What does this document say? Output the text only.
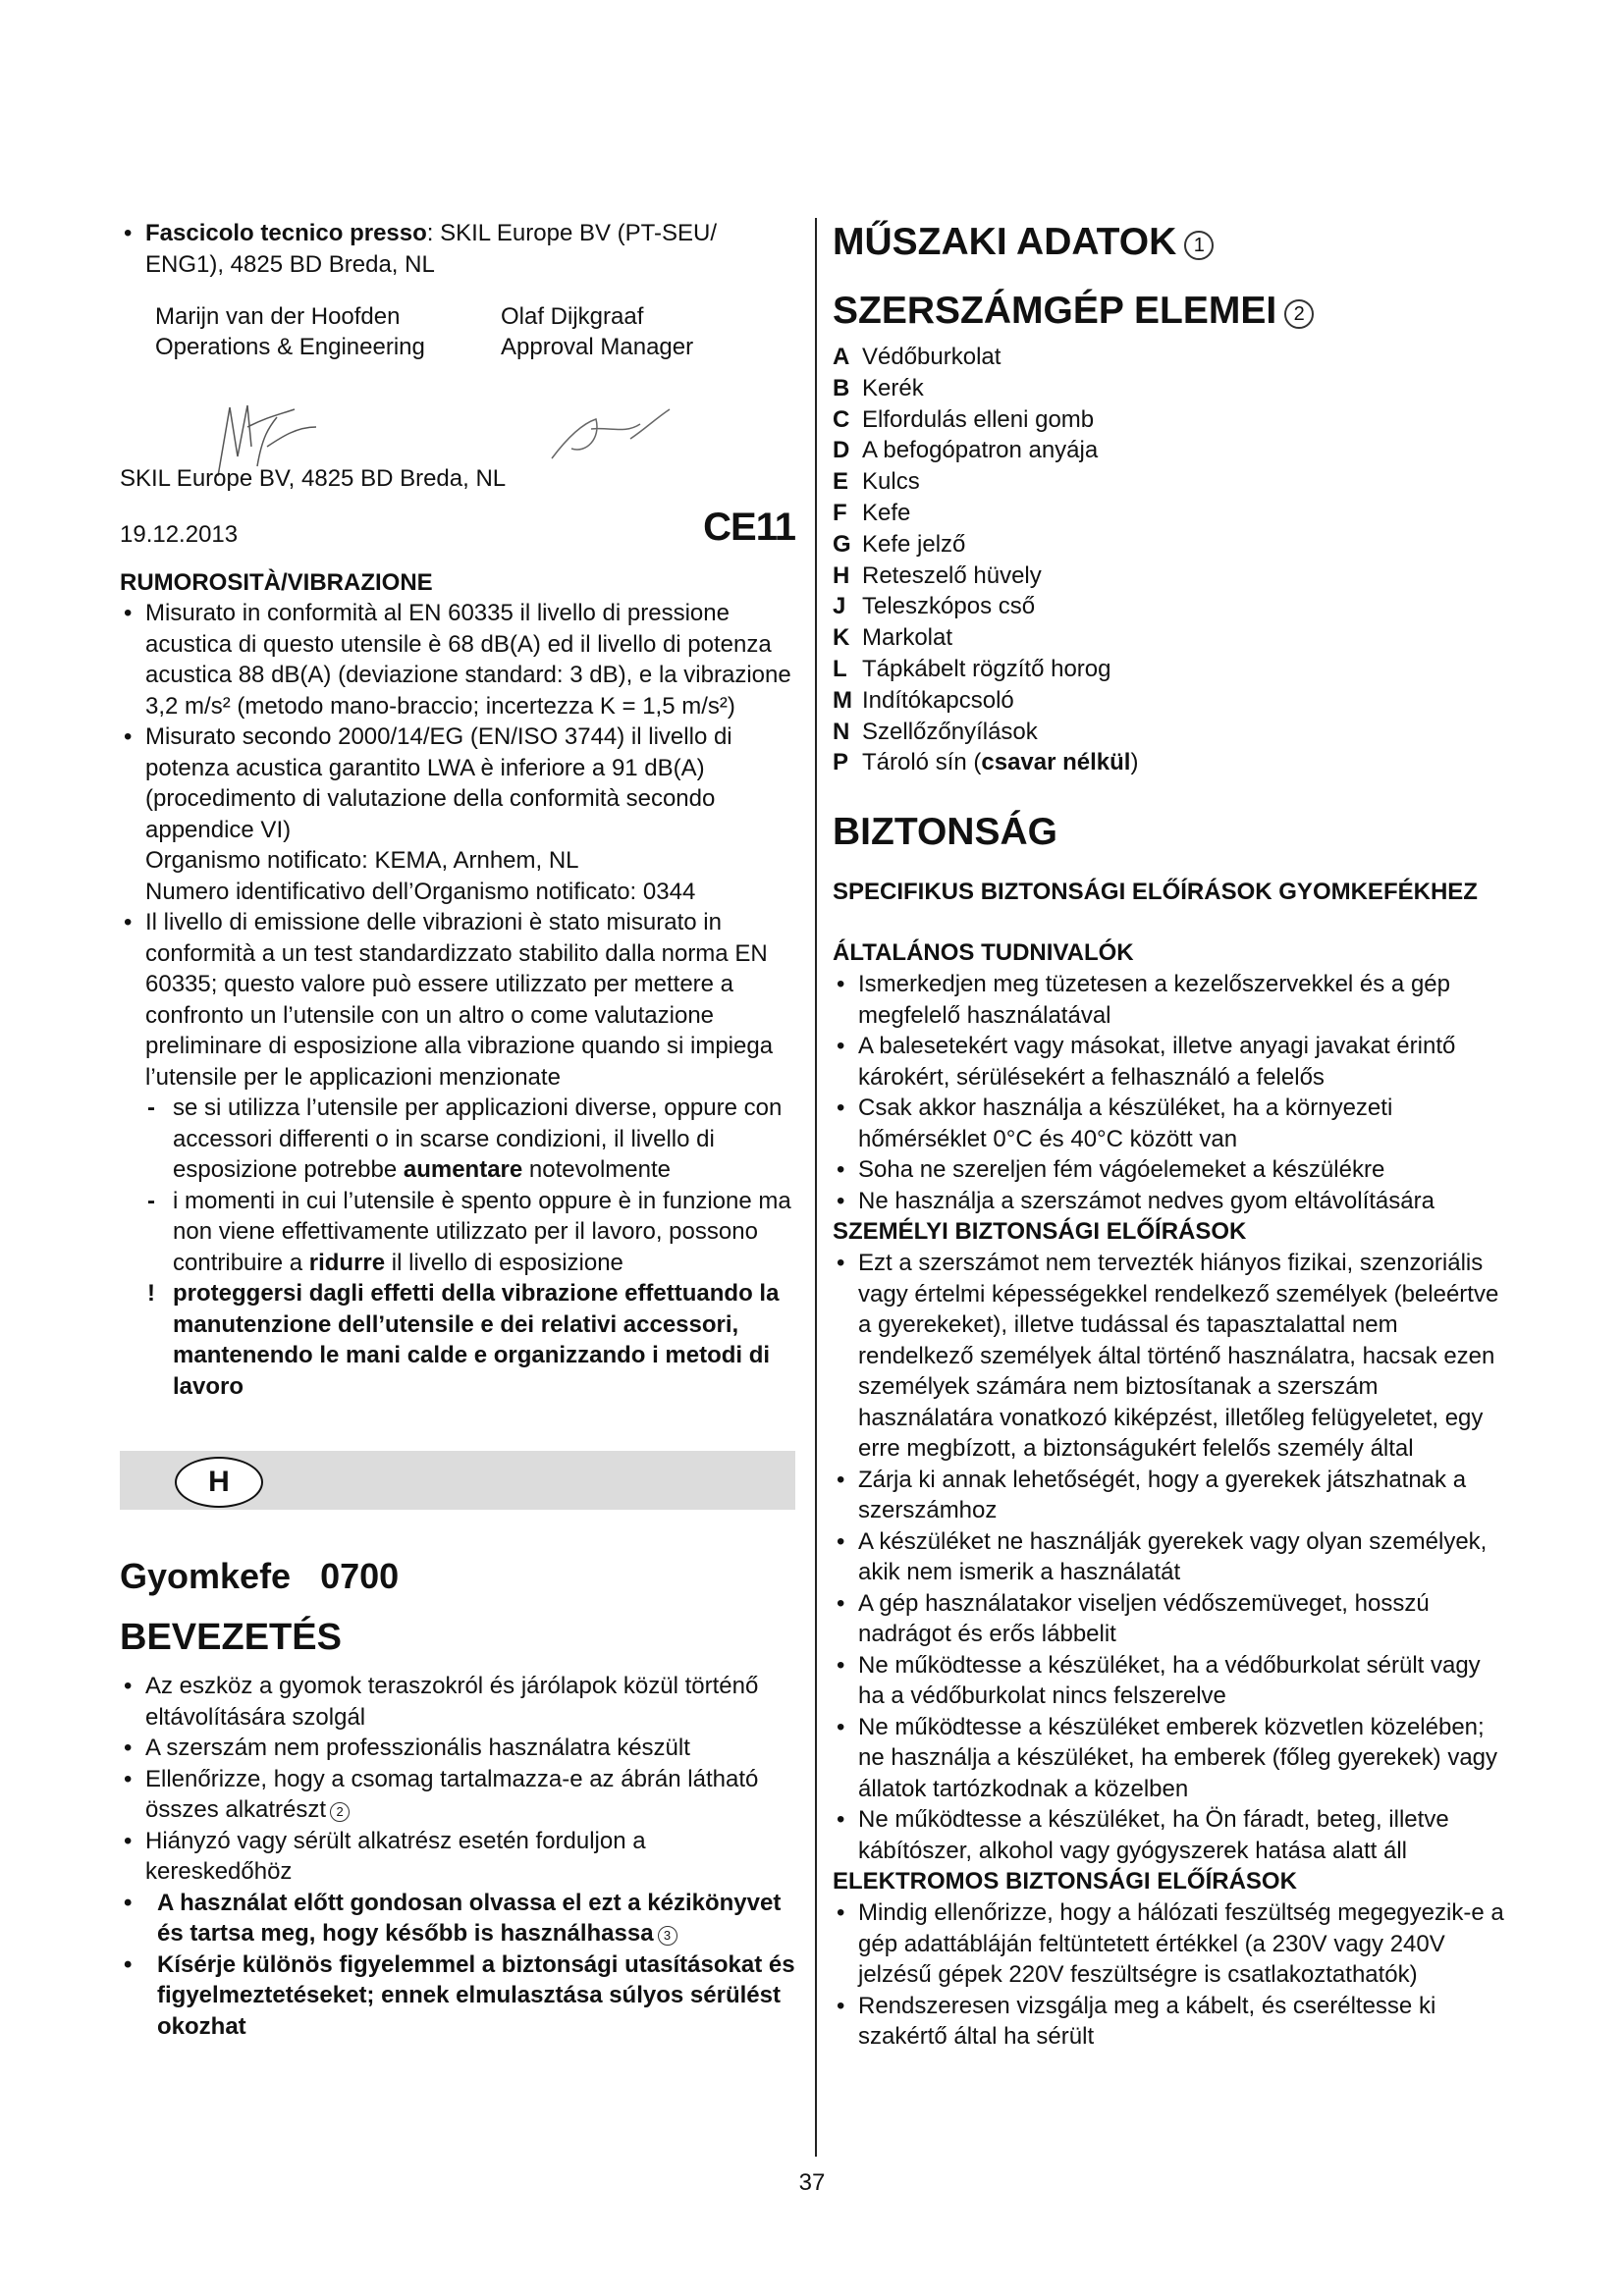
• Fascicolo tecnico presso: SKIL Europe BV (PT-SEU/ ENG1), 4825 BD Breda, NL
Marijn van der Hoofden
Operations & Engineering
Olaf Dijkgraaf
Approval Manager
SKIL Europe BV, 4825 BD Breda, NL
19.12.2013	CE11
RUMOROSITÀ/VIBRAZIONE
• Misurato in conformità al EN 60335 il livello di pressione acustica di questo utensile è 68 dB(A) ed il livello di potenza acustica 88 dB(A) (deviazione standard: 3 dB), e la vibrazione 3,2 m/s² (metodo mano-braccio; incertezza K = 1,5 m/s²)
• Misurato secondo 2000/14/EG (EN/ISO 3744) il livello di potenza acustica garantito LWA è inferiore a 91 dB(A) (procedimento di valutazione della conformità secondo appendice VI)
Organismo notificato: KEMA, Arnhem, NL
Numero identificativo dell’Organismo notificato: 0344
• Il livello di emissione delle vibrazioni è stato misurato in conformità a un test standardizzato stabilito dalla norma EN 60335; questo valore può essere utilizzato per mettere a confronto un l’utensile con un altro o come valutazione preliminare di esposizione alla vibrazione quando si impiega l’utensile per le applicazioni menzionate
- se si utilizza l’utensile per applicazioni diverse, oppure con accessori differenti o in scarse condizioni, il livello di esposizione potrebbe aumentare notevolmente
- i momenti in cui l’utensile è spento oppure è in funzione ma non viene effettivamente utilizzato per il lavoro, possono contribuire a ridurre il livello di esposizione
! proteggersi dagli effetti della vibrazione effettuando la manutenzione dell’utensile e dei relativi accessori, mantenendo le mani calde e organizzando i metodi di lavoro
H
Gyomkefe   0700
BEVEZETÉS
• Az eszköz a gyomok teraszokról és járólapok közül történő eltávolítására szolgál
• A szerszám nem professzionális használatra készült
• Ellenőrizze, hogy a csomag tartalmazza-e az ábrán látható összes alkatrészt 2
• Hiányzó vagy sérült alkatrész esetén forduljon a kereskedőhöz
• A használat előtt gondosan olvassa el ezt a kézikönyvet és tartsa meg, hogy később is használhassa 3
• Kísérje különös figyelemmel a biztonsági utasításokat és figyelmeztetéseket; ennek elmulasztása súlyos sérülést okozhat
MŰSZAKI ADATOK 1
SZERSZÁMGÉP ELEMEI 2
A Védőburkolat
B Kerék
C Elfordulás elleni gomb
D A befogópatron anyája
E Kulcs
F Kefe
G Kefe jelző
H Reteszelő hüvely
J Teleszkópos cső
K Markolat
L Tápkábelt rögzítő horog
M Indítókapcsoló
N Szellőzőnyílások
P Tároló sín (csavar nélkül)
BIZTONSÁG
SPECIFIKUS BIZTONSÁGI ELŐÍRÁSOK GYOMKEFÉKHEZ
ÁLTALÁNOS TUDNIVALÓK
• Ismerkedjen meg tüzetesen a kezelőszervekkel és a gép megfelelő használatával
• A balesetekért vagy másokat, illetve anyagi javakat érintő károkért, sérülésekért a felhasználó a felelős
• Csak akkor használja a készüléket, ha a környezeti hőmérséklet 0°C és 40°C között van
• Soha ne szereljen fém vágóelemeket a készülékre
• Ne használja a szerszámot nedves gyom eltávolítására
SZEMÉLYI BIZTONSÁGI ELŐÍRÁSOK
• Ezt a szerszámot nem tervezték hiányos fizikai, szenzoriális vagy értelmi képességekkel rendelkező személyek (beleértve a gyerekeket), illetve tudással és tapasztalattal nem rendelkező személyek által történő használatra, hacsak ezen személyek számára nem biztosítanak a szerszám használatára vonatkozó kiképzést, illetőleg felügyeletet, egy erre megbízott, a biztonságukért felelős személy által
• Zárja ki annak lehetőségét, hogy a gyerekek játszhatnak a szerszámhoz
• A készüléket ne használják gyerekek vagy olyan személyek, akik nem ismerik a használatát
• A gép használatakor viseljen védőszemüveget, hosszú nadrágot és erős lábbelit
• Ne működtesse a készüléket, ha a védőburkolat sérült vagy ha a védőburkolat nincs felszerelve
• Ne működtesse a készüléket emberek közvetlen közelében; ne használja a készüléket, ha emberek (főleg gyerekek) vagy állatok tartózkodnak a közelben
• Ne működtesse a készüléket, ha Ön fáradt, beteg, illetve kábítószer, alkohol vagy gyógyszerek hatása alatt áll
ELEKTROMOS BIZTONSÁGI ELŐÍRÁSOK
• Mindig ellenőrizze, hogy a hálózati feszültség megegyezik-e a gép adattábláján feltüntetett értékkel (a 230V vagy 240V jelzésű gépek 220V feszültségre is csatlakoztathatók)
• Rendszeresen vizsgálja meg a kábelt, és cseréltesse ki szakértő által ha sérült
37
